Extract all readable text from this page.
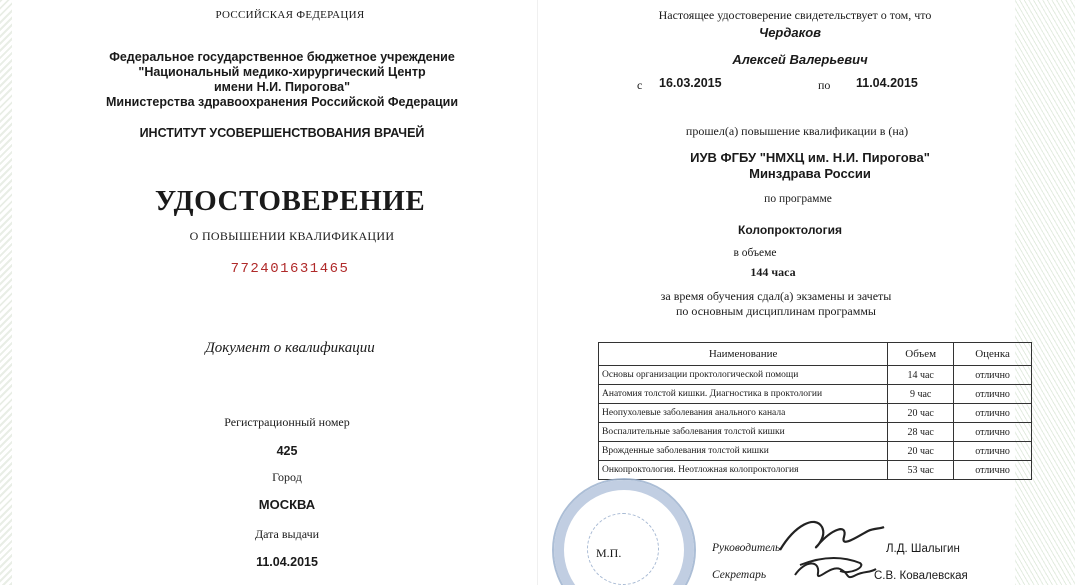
РОССИЙСКАЯ ФЕДЕРАЦИЯ
Федеральное государственное бюджетное учреждение
"Национальный медико-хирургический Центр
имени Н.И. Пирогова"
Министерства здравоохранения Российской Федерации
ИНСТИТУТ УСОВЕРШЕНСТВОВАНИЯ ВРАЧЕЙ
УДОСТОВЕРЕНИЕ
О ПОВЫШЕНИИ КВАЛИФИКАЦИИ
772401631465
Документ о квалификации
Регистрационный номер
425
Город
МОСКВА
Дата выдачи
11.04.2015
Настоящее удостоверение свидетельствует о том, что
Чердаков
Алексей Валерьевич
с 16.03.2015	по 11.04.2015
прошел(а) повышение квалификации в (на)
ИУВ ФГБУ "НМХЦ им. Н.И. Пирогова"
Минздрава России
по программе
Колопроктология
в объеме
144 часа
за время обучения сдал(а) экзамены и зачеты
по основным дисциплинам программы
Наименование	Объем	Оценка
Основы организации проктологической помощи	14 час	отлично
Анатомия толстой кишки. Диагностика в проктологии	9 час	отлично
Неопухолевые заболевания анального канала	20 час	отлично
Воспалительные заболевания толстой кишки	28 час	отлично
Врожденные заболевания толстой кишки	20 час	отлично
Онкопроктология. Неотложная колопроктология	53 час	отлично
М.П.	Руководитель	Л.Д. Шалыгин
Секретарь	С.В. Ковалевская
